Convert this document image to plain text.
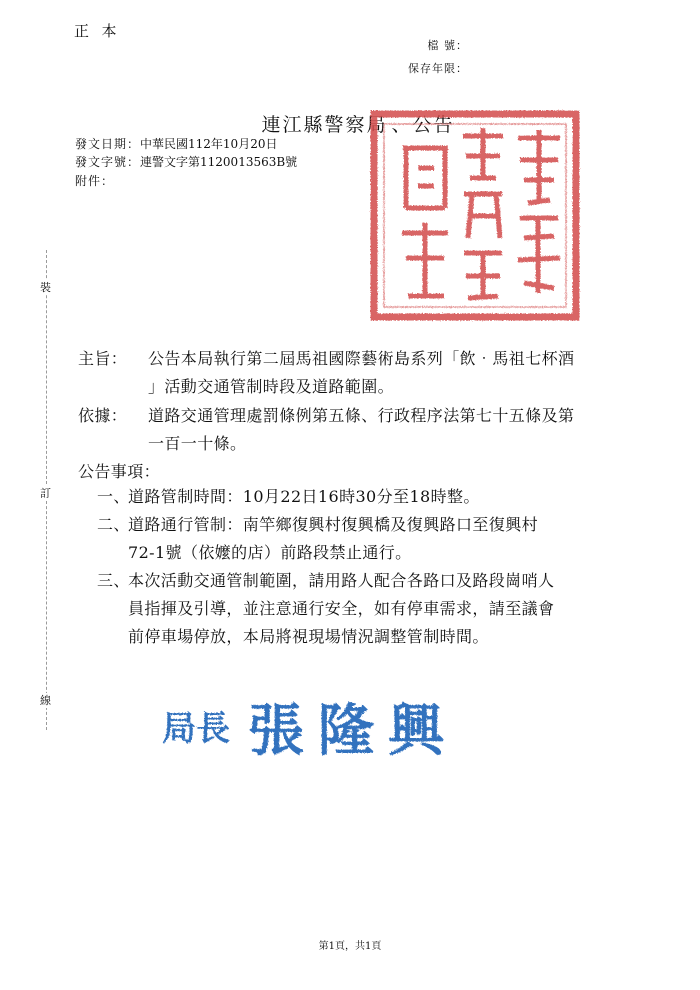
正  本
檔 號：
保存年限：

連江縣警察局 、公告

發文日期：中華民國112年10月20日
發文字號：連警文字第1120013563B號
附件：
裝
訂
線
主旨： 公告本局執行第二屆馬祖國際藝術島系列「飲‧馬祖七杯酒
」活動交通管制時段及道路範圍。
依據： 道路交通管理處罰條例第五條、行政程序法第七十五條及第
一百一十條。
公告事項：
一、
道路管制時間：10月22日16時30分至18時整。
二、
道路通行管制：南竿鄉復興村復興橋及復興路口至復興村
72-1號（依嬤的店）前路段禁止通行。
三、
本次活動交通管制範圍，請用路人配合各路口及路段崗哨人
員指揮及引導，並注意通行安全，如有停車需求，請至議會
前停車場停放，本局將視現場情況調整管制時間。
局長 張隆興
第1頁，共1頁
